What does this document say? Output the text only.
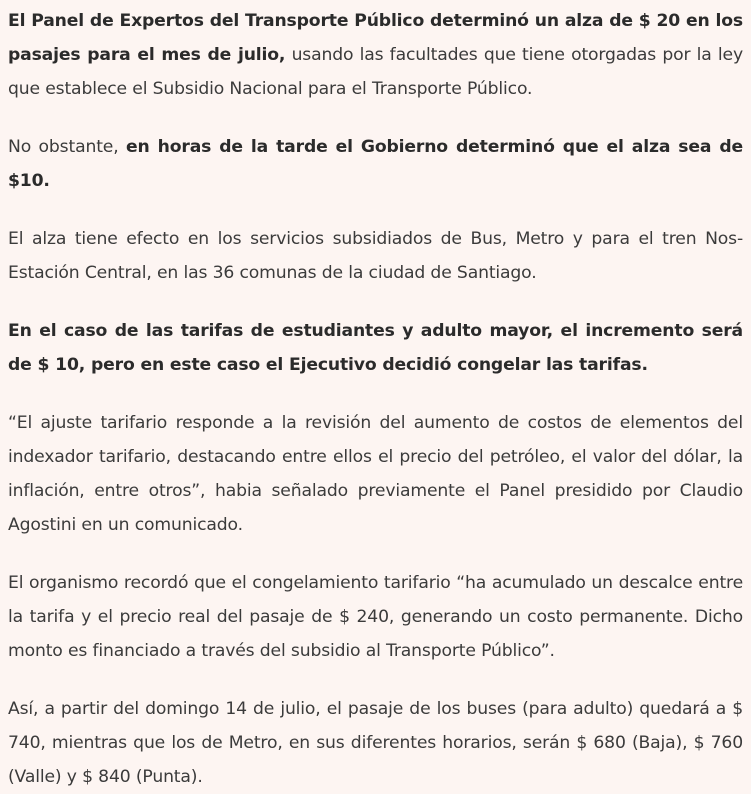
El Panel de Expertos del Transporte Público determinó un alza de $ 20 en los pasajes para el mes de julio, usando las facultades que tiene otorgadas por la ley que establece el Subsidio Nacional para el Transporte Público.

No obstante, en horas de la tarde el Gobierno determinó que el alza sea de $10.

El alza tiene efecto en los servicios subsidiados de Bus, Metro y para el tren Nos-Estación Central, en las 36 comunas de la ciudad de Santiago.

En el caso de las tarifas de estudiantes y adulto mayor, el incremento será de $ 10, pero en este caso el Ejecutivo decidió congelar las tarifas.

“El ajuste tarifario responde a la revisión del aumento de costos de elementos del indexador tarifario, destacando entre ellos el precio del petróleo, el valor del dólar, la inflación, entre otros”, habia señalado previamente el Panel presidido por Claudio Agostini en un comunicado.

El organismo recordó que el congelamiento tarifario “ha acumulado un descalce entre la tarifa y el precio real del pasaje de $ 240, generando un costo permanente. Dicho monto es financiado a través del subsidio al Transporte Público”.

Así, a partir del domingo 14 de julio, el pasaje de los buses (para adulto) quedará a $ 740, mientras que los de Metro, en sus diferentes horarios, serán $ 680 (Baja), $ 760 (Valle) y $ 840 (Punta).
